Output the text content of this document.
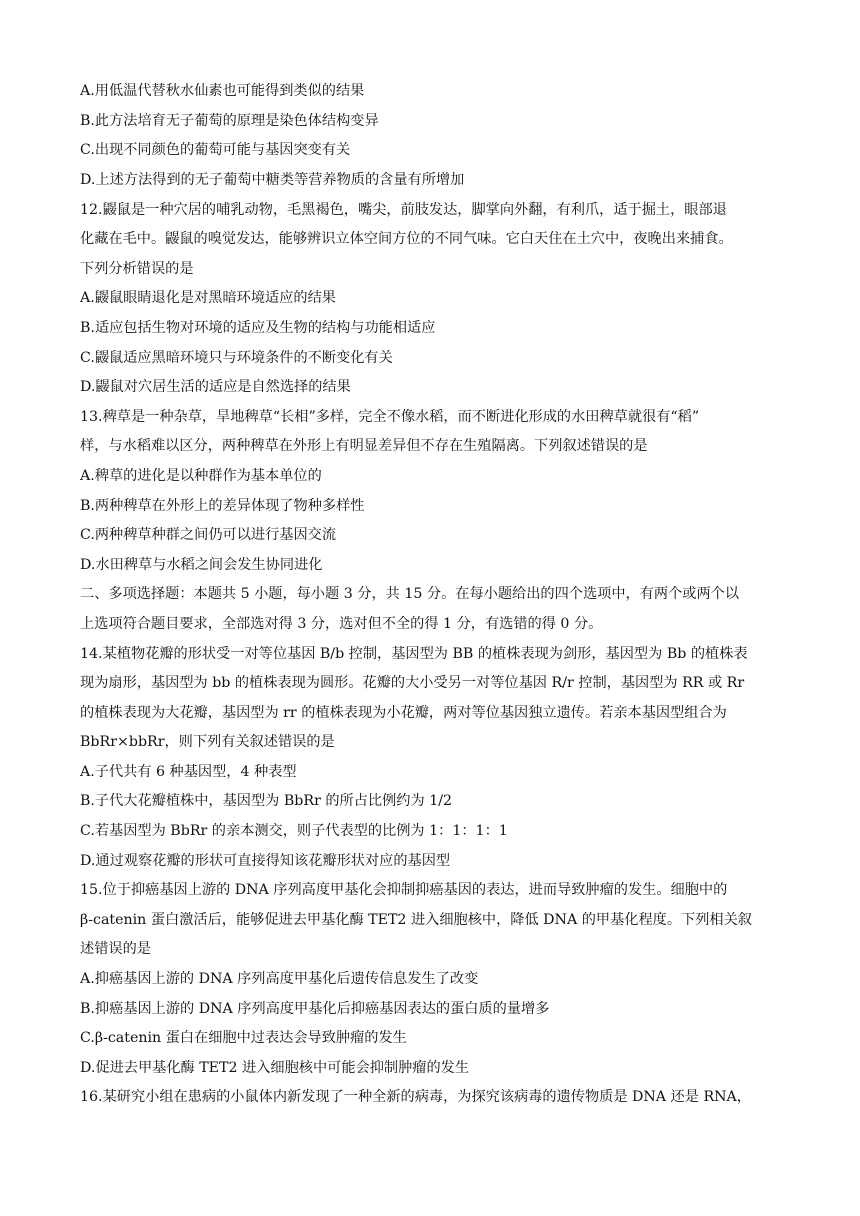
A.用低温代替秋水仙素也可能得到类似的结果

B.此方法培育无子葡萄的原理是染色体结构变异

C.出现不同颜色的葡萄可能与基因突变有关

D.上述方法得到的无子葡萄中糖类等营养物质的含量有所增加

12.鼹鼠是一种穴居的哺乳动物，毛黑褐色，嘴尖，前肢发达，脚掌向外翻，有利爪，适于掘土，眼部退

化藏在毛中。鼹鼠的嗅觉发达，能够辨识立体空间方位的不同气味。它白天住在土穴中，夜晚出来捕食。

下列分析错误的是

A.鼹鼠眼睛退化是对黑暗环境适应的结果

B.适应包括生物对环境的适应及生物的结构与功能相适应

C.鼹鼠适应黑暗环境只与环境条件的不断变化有关

D.鼹鼠对穴居生活的适应是自然选择的结果

13.稗草是一种杂草，旱地稗草“长相”多样，完全不像水稻，而不断进化形成的水田稗草就很有“稻”

样，与水稻难以区分，两种稗草在外形上有明显差异但不存在生殖隔离。下列叙述错误的是

A.稗草的进化是以种群作为基本单位的

B.两种稗草在外形上的差异体现了物种多样性

C.两种稗草种群之间仍可以进行基因交流

D.水田稗草与水稻之间会发生协同进化

二、多项选择题：本题共 5 小题，每小题 3 分，共 15 分。在每小题给出的四个选项中，有两个或两个以

上选项符合题目要求，全部选对得 3 分，选对但不全的得 1 分，有选错的得 0 分。

14.某植物花瓣的形状受一对等位基因 B/b 控制，基因型为 BB 的植株表现为剑形，基因型为 Bb 的植株表

现为扇形，基因型为 bb 的植株表现为圆形。花瓣的大小受另一对等位基因 R/r 控制，基因型为 RR 或 Rr

的植株表现为大花瓣，基因型为 rr 的植株表现为小花瓣，两对等位基因独立遗传。若亲本基因型组合为

BbRr×bbRr，则下列有关叙述错误的是

A.子代共有 6 种基因型，4 种表型

B.子代大花瓣植株中，基因型为 BbRr 的所占比例约为 1/2

C.若基因型为 BbRr 的亲本测交，则子代表型的比例为 1：1：1：1

D.通过观察花瓣的形状可直接得知该花瓣形状对应的基因型

15.位于抑癌基因上游的 DNA 序列高度甲基化会抑制抑癌基因的表达，进而导致肿瘤的发生。细胞中的

β-catenin 蛋白激活后，能够促进去甲基化酶 TET2 进入细胞核中，降低 DNA 的甲基化程度。下列相关叙

述错误的是

A.抑癌基因上游的 DNA 序列高度甲基化后遗传信息发生了改变

B.抑癌基因上游的 DNA 序列高度甲基化后抑癌基因表达的蛋白质的量增多

C.β-catenin 蛋白在细胞中过表达会导致肿瘤的发生

D.促进去甲基化酶 TET2 进入细胞核中可能会抑制肿瘤的发生

16.某研究小组在患病的小鼠体内新发现了一种全新的病毒，为探究该病毒的遗传物质是 DNA 还是 RNA，
